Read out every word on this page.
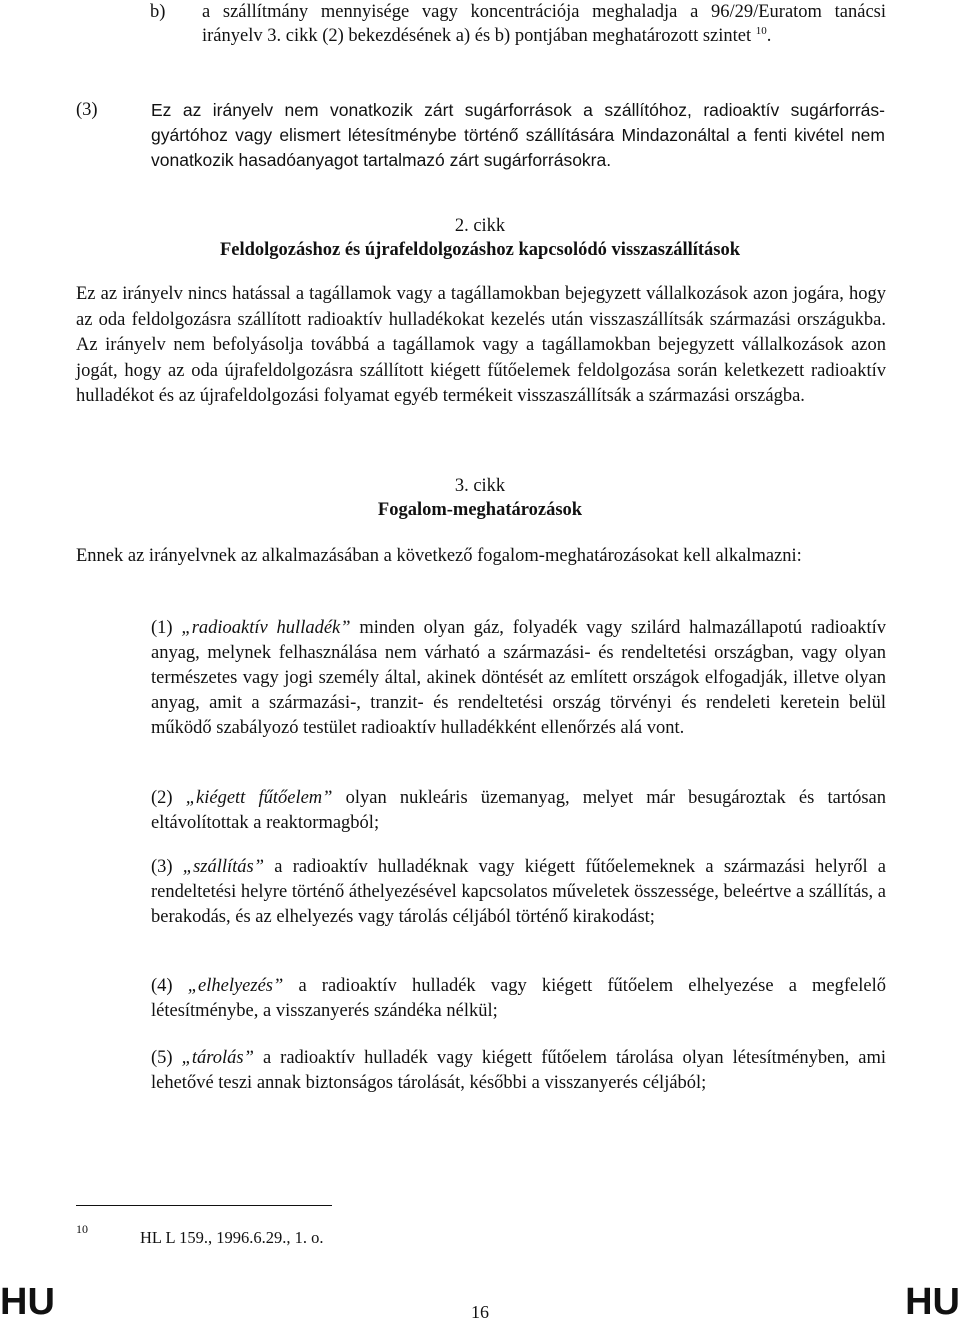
b) a szállítmány mennyisége vagy koncentrációja meghaladja a 96/29/Euratom tanácsi irányelv 3. cikk (2) bekezdésének a) és b) pontjában meghatározott szintet $^{10}$.
(3)	Ez az irányelv nem vonatkozik zárt sugárforrások a szállítóhoz, radioaktív sugárforrás-gyártóhoz vagy elismert létesítménybe történő szállítására Mindazonáltal a fenti kivétel nem vonatkozik hasadóanyagot tartalmazó zárt sugárforrásokra.
2. cikk
Feldolgozáshoz és újrafeldolgozáshoz kapcsolódó visszaszállítások
Ez az irányelv nincs hatással a tagállamok vagy a tagállamokban bejegyzett vállalkozások azon jogára, hogy az oda feldolgozásra szállított radioaktív hulladékokat kezelés után visszaszállítsák származási országukba. Az irányelv nem befolyásolja továbbá a tagállamok vagy a tagállamokban bejegyzett vállalkozások azon jogát, hogy az oda újrafeldolgozásra szállított kiégett fűtőelemek feldolgozása során keletkezett radioaktív hulladékot és az újrafeldolgozási folyamat egyéb termékeit visszaszállítsák a származási országba.
3. cikk
Fogalom-meghatározások
Ennek az irányelvnek az alkalmazásában a következő fogalom-meghatározásokat kell alkalmazni:
(1) „radioaktív hulladék” minden olyan gáz, folyadék vagy szilárd halmazállapotú radioaktív anyag, melynek felhasználása nem várható a származási- és rendeltetési országban, vagy olyan természetes vagy jogi személy által, akinek döntését az említett országok elfogadják, illetve olyan anyag, amit a származási-, tranzit- és rendeltetési ország törvényi és rendeleti keretein belül működő szabályozó testület radioaktív hulladékként ellenőrzés alá vont.
(2) „kiégett fűtőelem” olyan nukleáris üzemanyag, melyet már besugároztak és tartósan eltávolítottak a reaktormagból;
(3) „szállítás” a radioaktív hulladéknak vagy kiégett fűtőelemeknek a származási helyről a rendeltetési helyre történő áthelyezésével kapcsolatos műveletek összessége, beleértve a szállítás, a berakodás, és az elhelyezés vagy tárolás céljából történő kirakodást;
(4) „elhelyezés” a radioaktív hulladék vagy kiégett fűtőelem elhelyezése a megfelelő létesítménybe, a visszanyerés szándéka nélkül;
(5) „tárolás” a radioaktív hulladék vagy kiégett fűtőelem tárolása olyan létesítményben, ami lehetővé teszi annak biztonságos tárolását, későbbi a visszanyerés céljából;
10	HL L 159., 1996.6.29., 1. o.
HU	16	HU
